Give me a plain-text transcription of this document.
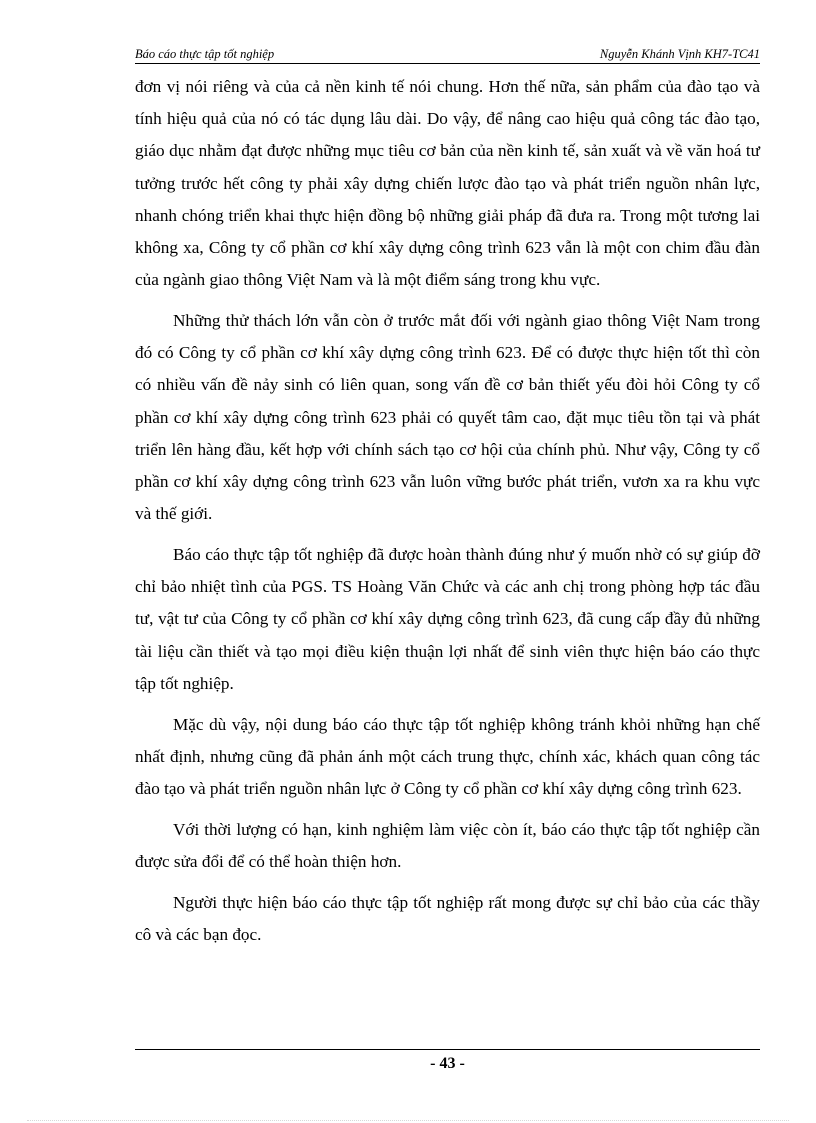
Báo cáo thực tập tốt nghiệp	Nguyễn Khánh Vịnh KH7-TC41

đơn vị nói riêng và của cả nền kinh tế nói chung. Hơn thế nữa, sản phẩm của đào tạo và tính hiệu quả của nó có tác dụng lâu dài. Do vậy, để nâng cao hiệu quả công tác đào tạo, giáo dục nhằm đạt được những mục tiêu cơ bản của nền kinh tế, sản xuất và về văn hoá tư tưởng trước hết công ty phải xây dựng chiến lược đào tạo và phát triển nguồn nhân lực, nhanh chóng triển khai thực hiện đồng bộ những giải pháp đã đưa ra. Trong một tương lai không xa, Công ty cổ phần cơ khí xây dựng công trình 623 vẫn là một con chim đầu đàn của ngành giao thông Việt Nam và là một điểm sáng trong khu vực.

Những thử thách lớn vẫn còn ở trước mắt đối với ngành giao thông Việt Nam trong đó có Công ty cổ phần cơ khí xây dựng công trình 623. Để có được thực hiện tốt thì còn có nhiều vấn đề nảy sinh có liên quan, song vấn đề cơ bản thiết yếu đòi hỏi Công ty cổ phần cơ khí xây dựng công trình 623 phải có quyết tâm cao, đặt mục tiêu tồn tại và phát triển lên hàng đầu, kết hợp với chính sách tạo cơ hội của chính phủ. Như vậy, Công ty cổ phần cơ khí xây dựng công trình 623 vẫn luôn vững bước phát triển, vươn xa ra khu vực và thế giới.

Báo cáo thực tập tốt nghiệp đã được hoàn thành đúng như ý muốn nhờ có sự giúp đỡ chỉ bảo nhiệt tình của PGS. TS Hoàng Văn Chức và các anh chị trong phòng hợp tác đầu tư, vật tư của Công ty cổ phần cơ khí xây dựng công trình 623, đã cung cấp đầy đủ những tài liệu cần thiết và tạo mọi điều kiện thuận lợi nhất để sinh viên thực hiện báo cáo thực tập tốt nghiệp.

Mặc dù vậy, nội dung báo cáo thực tập tốt nghiệp không tránh khỏi những hạn chế nhất định, nhưng cũng đã phản ánh một cách trung thực, chính xác, khách quan công tác đào tạo và phát triển nguồn nhân lực ở Công ty cổ phần cơ khí xây dựng công trình 623.

Với thời lượng có hạn, kinh nghiệm làm việc còn ít, báo cáo thực tập tốt nghiệp cần được sửa đổi để có thể hoàn thiện hơn.

Người thực hiện báo cáo thực tập tốt nghiệp rất mong được sự chỉ bảo của các thầy cô và các bạn đọc.

- 43 -
